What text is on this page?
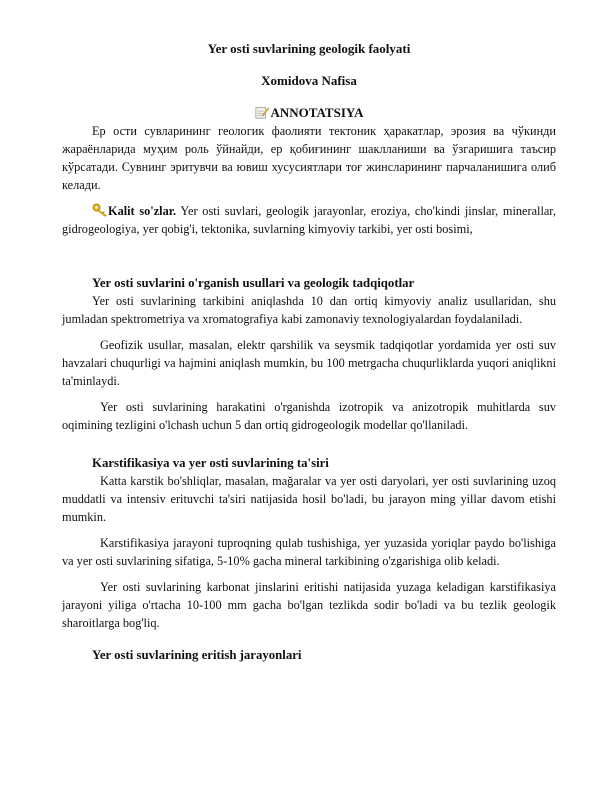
Yer osti suvlarining geologik faolyati
Xomidova Nafisa
ANNOTATSIYA

Ер ости сувларининг геологик фаолияти тектоник ҳаракатлар, эрозия ва чўкинди жараёнларида муҳим роль ўйнайди, ер қобиғининг шаклланиши ва ўзгаришига таъсир кўрсатади. Сувнинг эритувчи ва ювиш хусусиятлари тоғ жинсларининг парчаланишига олиб келади.

Kalit so'zlar. Yer osti suvlari, geologik jarayonlar, eroziya, cho'kindi jinslar, minerallar, gidrogeologiya, yer qobig'i, tektonika, suvlarning kimyoviy tarkibi, yer osti bosimi,

Yer osti suvlarini o'rganish usullari va geologik tadqiqotlar

Yer osti suvlarining tarkibini aniqlashda 10 dan ortiq kimyoviy analiz usullaridan, shu jumladan spektrometriya va xromatografiya kabi zamonaviy texnologiyalardan foydalaniladi.

Geofizik usullar, masalan, elektr qarshilik va seysmik tadqiqotlar yordamida yer osti suv havzalari chuqurligi va hajmini aniqlash mumkin, bu 100 metrgacha chuqurliklarda yuqori aniqlikni ta'minlaydi.

Yer osti suvlarining harakatini o'rganishda izotropik va anizotropik muhitlarda suv oqimining tezligini o'lchash uchun 5 dan ortiq gidrogeologik modellar qo'llaniladi.

Karstifikasiya va yer osti suvlarining ta'siri

Katta karstik bo'shliqlar, masalan, mağaralar va yer osti daryolari, yer osti suvlarining uzoq muddatli va intensiv erituvchi ta'siri natijasida hosil bo'ladi, bu jarayon ming yillar davom etishi mumkin.

Karstifikasiya jarayoni tuproqning qulab tushishiga, yer yuzasida yoriqlar paydo bo'lishiga va yer osti suvlarining sifatiga, 5-10% gacha mineral tarkibining o'zgarishiga olib keladi.

Yer osti suvlarining karbonat jinslarini eritishi natijasida yuzaga keladigan karstifikasiya jarayoni yiliga o'rtacha 10-100 mm gacha bo'lgan tezlikda sodir bo'ladi va bu tezlik geologik sharoitlarga bog'liq.

Yer osti suvlarining eritish jarayonlari
